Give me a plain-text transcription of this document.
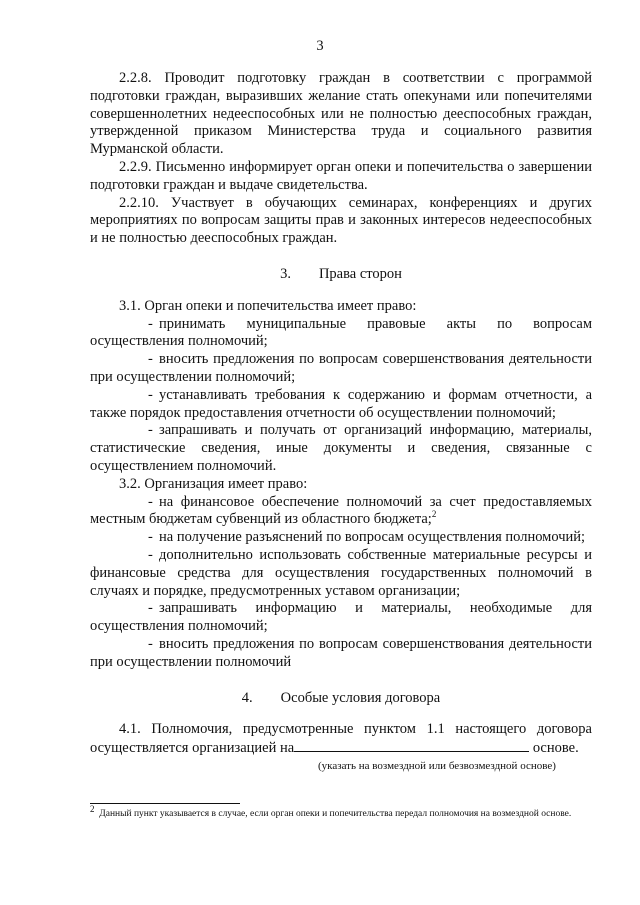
3

2.2.8. Проводит подготовку граждан в соответствии с программой подготовки граждан, выразивших желание стать опекунами или попечителями совершеннолетних недееспособных или не полностью дееспособных граждан, утвержденной приказом Министерства труда и социального развития Мурманской области.

2.2.9. Письменно информирует орган опеки и попечительства о завершении подготовки граждан и выдаче свидетельства.

2.2.10. Участвует в обучающих семинарах, конференциях и других мероприятиях по вопросам защиты прав и законных интересов недееспособных и не полностью дееспособных граждан.

3. Права сторон

3.1. Орган опеки и попечительства имеет право:

- принимать муниципальные правовые акты по вопросам осуществления полномочий;

- вносить предложения по вопросам совершенствования деятельности при осуществлении полномочий;

- устанавливать требования к содержанию и формам отчетности, а также порядок предоставления отчетности об осуществлении полномочий;

- запрашивать и получать от организаций информацию, материалы, статистические сведения, иные документы и сведения, связанные с осуществлением полномочий.

3.2. Организация имеет право:

- на финансовое обеспечение полномочий за счет предоставляемых местным бюджетам субвенций из областного бюджета;$^2$

- на получение разъяснений по вопросам осуществления полномочий;

- дополнительно использовать собственные материальные ресурсы и финансовые средства для осуществления государственных полномочий в случаях и порядке, предусмотренных уставом организации;

- запрашивать информацию и материалы, необходимые для осуществления полномочий;

- вносить предложения по вопросам совершенствования деятельности при осуществлении полномочий

4. Особые условия договора

4.1. Полномочия, предусмотренные пунктом 1.1 настоящего договора осуществляется организацией на	основе.

(указать на возмездной или безвозмездной основе)
$^2$  Данный пункт указывается в случае, если орган опеки и попечительства передал полномочия на возмездной основе.
